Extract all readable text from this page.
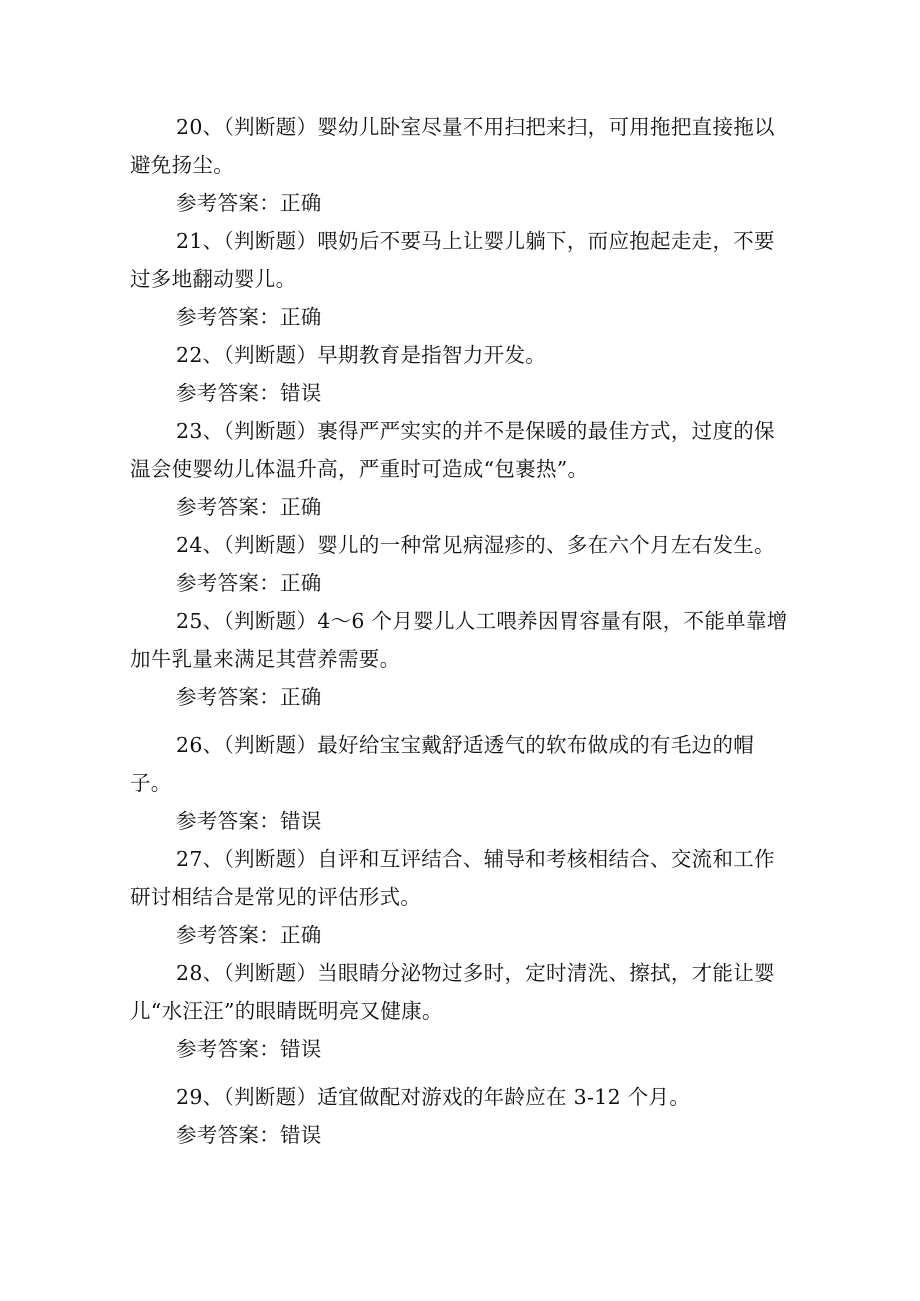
20、（判断题）婴幼儿卧室尽量不用扫把来扫，可用拖把直接拖以避免扬尘。

参考答案：正确

21、（判断题）喂奶后不要马上让婴儿躺下，而应抱起走走，不要过多地翻动婴儿。

参考答案：正确

22、（判断题）早期教育是指智力开发。

参考答案：错误

23、（判断题）裹得严严实实的并不是保暖的最佳方式，过度的保温会使婴幼儿体温升高，严重时可造成“包裹热”。

参考答案：正确

24、（判断题）婴儿的一种常见病湿疹的、多在六个月左右发生。

参考答案：正确

25、（判断题）4～6 个月婴儿人工喂养因胃容量有限，不能单靠增加牛乳量来满足其营养需要。

参考答案：正确

26、（判断题）最好给宝宝戴舒适透气的软布做成的有毛边的帽子。

参考答案：错误

27、（判断题）自评和互评结合、辅导和考核相结合、交流和工作研讨相结合是常见的评估形式。

参考答案：正确

28、（判断题）当眼睛分泌物过多时，定时清洗、擦拭，才能让婴儿“水汪汪”的眼睛既明亮又健康。

参考答案：错误

29、（判断题）适宜做配对游戏的年龄应在 3-12 个月。

参考答案：错误
